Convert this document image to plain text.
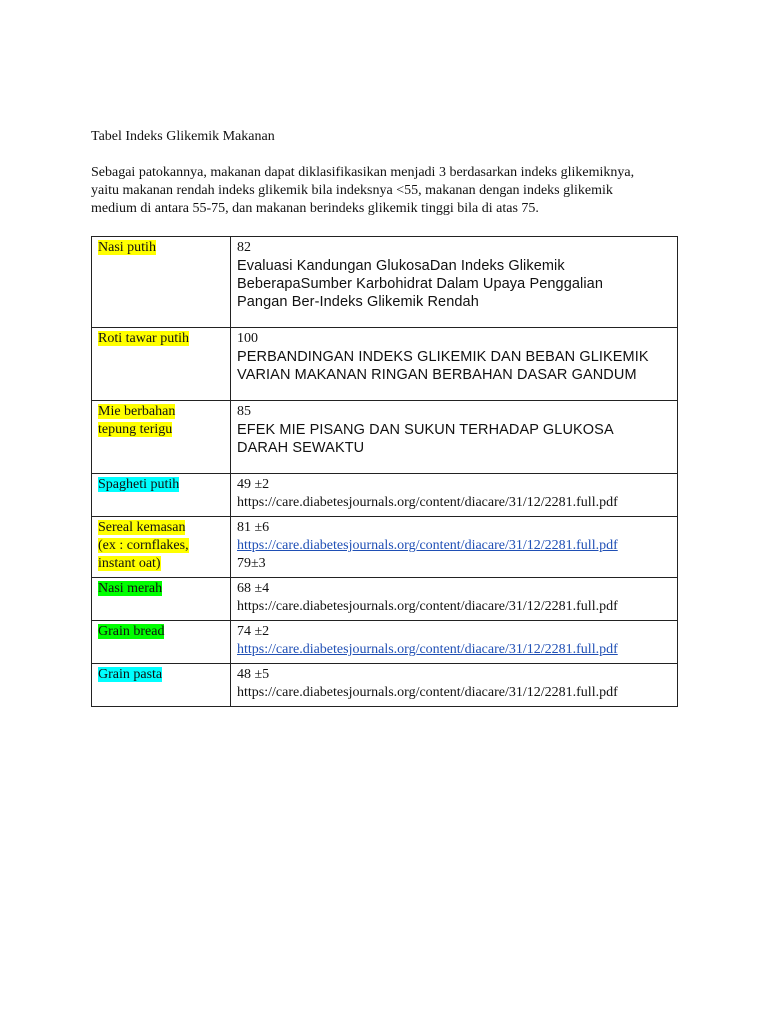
Tabel Indeks Glikemik Makanan
Sebagai patokannya, makanan dapat diklasifikasikan menjadi 3 berdasarkan indeks glikemiknya,
yaitu makanan rendah indeks glikemik bila indeksnya <55, makanan dengan indeks glikemik
medium di antara 55-75, dan makanan berindeks glikemik tinggi bila di atas 75.
Nasi putih	82
Evaluasi Kandungan GlukosaDan Indeks Glikemik
BeberapaSumber Karbohidrat Dalam Upaya Penggalian
Pangan Ber-Indeks Glikemik Rendah

Roti tawar putih	100
PERBANDINGAN INDEKS GLIKEMIK DAN BEBAN GLIKEMIK
VARIAN MAKANAN RINGAN BERBAHAN DASAR GANDUM

Mie berbahan
tepung terigu	85
EFEK MIE PISANG DAN SUKUN TERHADAP GLUKOSA
DARAH SEWAKTU

Spagheti putih	49 ±2
https://care.diabetesjournals.org/content/diacare/31/12/2281.full.pdf

Sereal kemasan
(ex : cornflakes,
instant oat)	81 ±6
https://care.diabetesjournals.org/content/diacare/31/12/2281.full.pdf
79±3

Nasi merah	68 ±4
https://care.diabetesjournals.org/content/diacare/31/12/2281.full.pdf

Grain bread	74 ±2
https://care.diabetesjournals.org/content/diacare/31/12/2281.full.pdf

Grain pasta	48 ±5
https://care.diabetesjournals.org/content/diacare/31/12/2281.full.pdf
